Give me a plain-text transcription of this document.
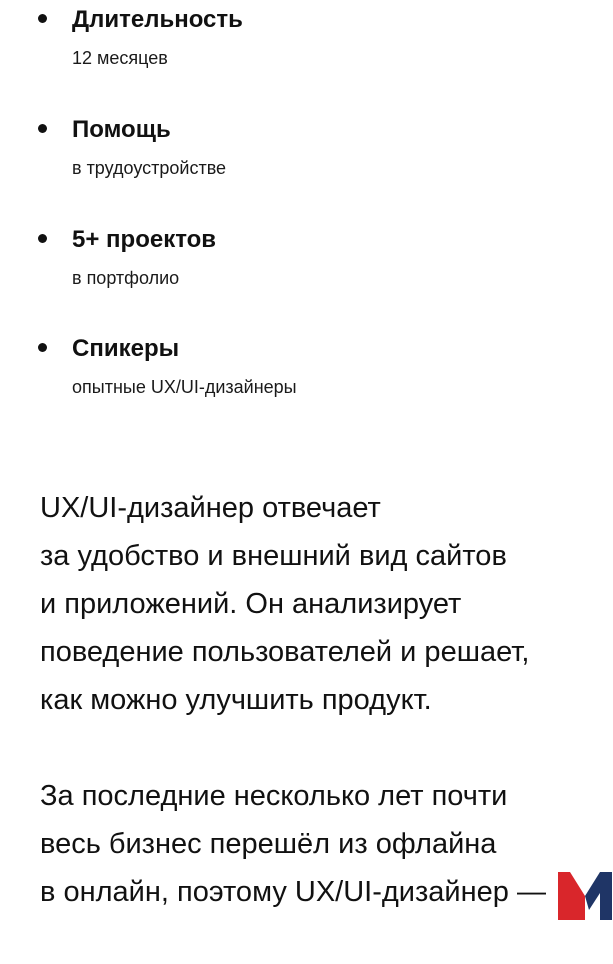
Длительность
12 месяцев
Помощь
в трудоустройстве
5+ проектов
в портфолио
Спикеры
опытные UX/UI-дизайнеры

UX/UI-дизайнер отвечает
за удобство и внешний вид сайтов
и приложений. Он анализирует
поведение пользователей и решает,
как можно улучшить продукт.

За последние несколько лет почти
весь бизнес перешёл из офлайна
в онлайн, поэтому UX/UI-дизайнер —
